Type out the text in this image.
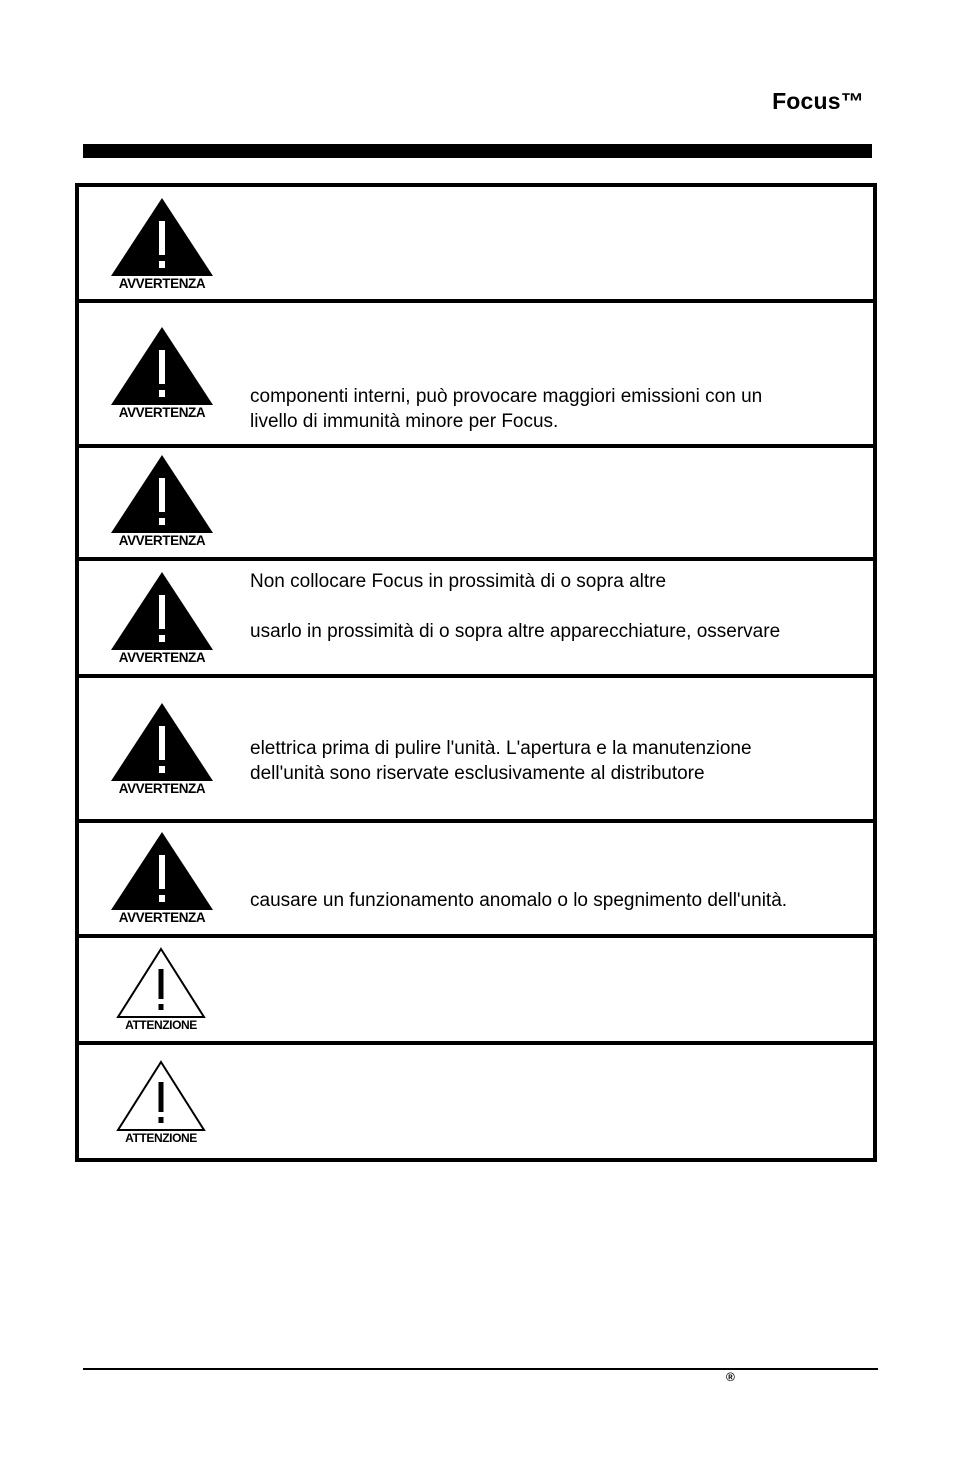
Focus™
AVVERTENZA
AVVERTENZA
componenti interni, può provocare maggiori emissioni con un
livello di immunità minore per Focus.
AVVERTENZA
AVVERTENZA
Non collocare Focus in prossimità di o sopra altre
usarlo in prossimità di o sopra altre apparecchiature, osservare
AVVERTENZA
elettrica prima di pulire l'unità. L'apertura e la manutenzione
dell'unità sono riservate esclusivamente al distributore
AVVERTENZA
causare un funzionamento anomalo o lo spegnimento dell'unità.
ATTENZIONE
ATTENZIONE
®
